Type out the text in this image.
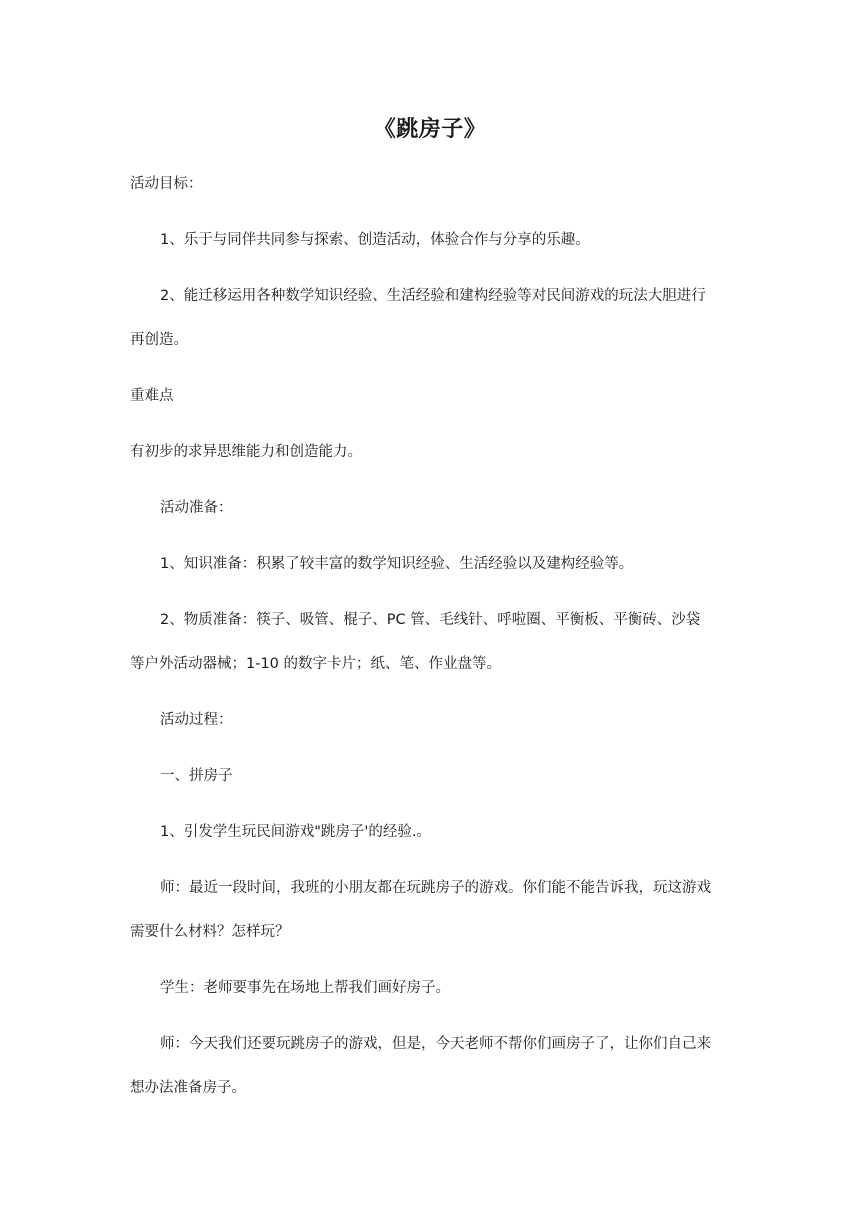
《跳房子》
活动目标：
1、乐于与同伴共同参与探索、创造活动，体验合作与分享的乐趣。
2、能迁移运用各种数学知识经验、生活经验和建构经验等对民间游戏的玩法大胆进行
再创造。
重难点
有初步的求异思维能力和创造能力。
活动准备：
1、知识准备：积累了较丰富的数学知识经验、生活经验以及建构经验等。
2、物质准备：筷子、吸管、棍子、PC 管、毛线针、呼啦圈、平衡板、平衡砖、沙袋
等户外活动器械；1-10 的数字卡片；纸、笔、作业盘等。
活动过程：
一、拼房子
1、引发学生玩民间游戏"跳房子'的经验.。
师：最近一段时间，我班的小朋友都在玩跳房子的游戏。你们能不能告诉我，玩这游戏
需要什么材料？怎样玩？
学生：老师要事先在场地上帮我们画好房子。
师：今天我们还要玩跳房子的游戏，但是，今天老师不帮你们画房子了，让你们自己来
想办法准备房子。
